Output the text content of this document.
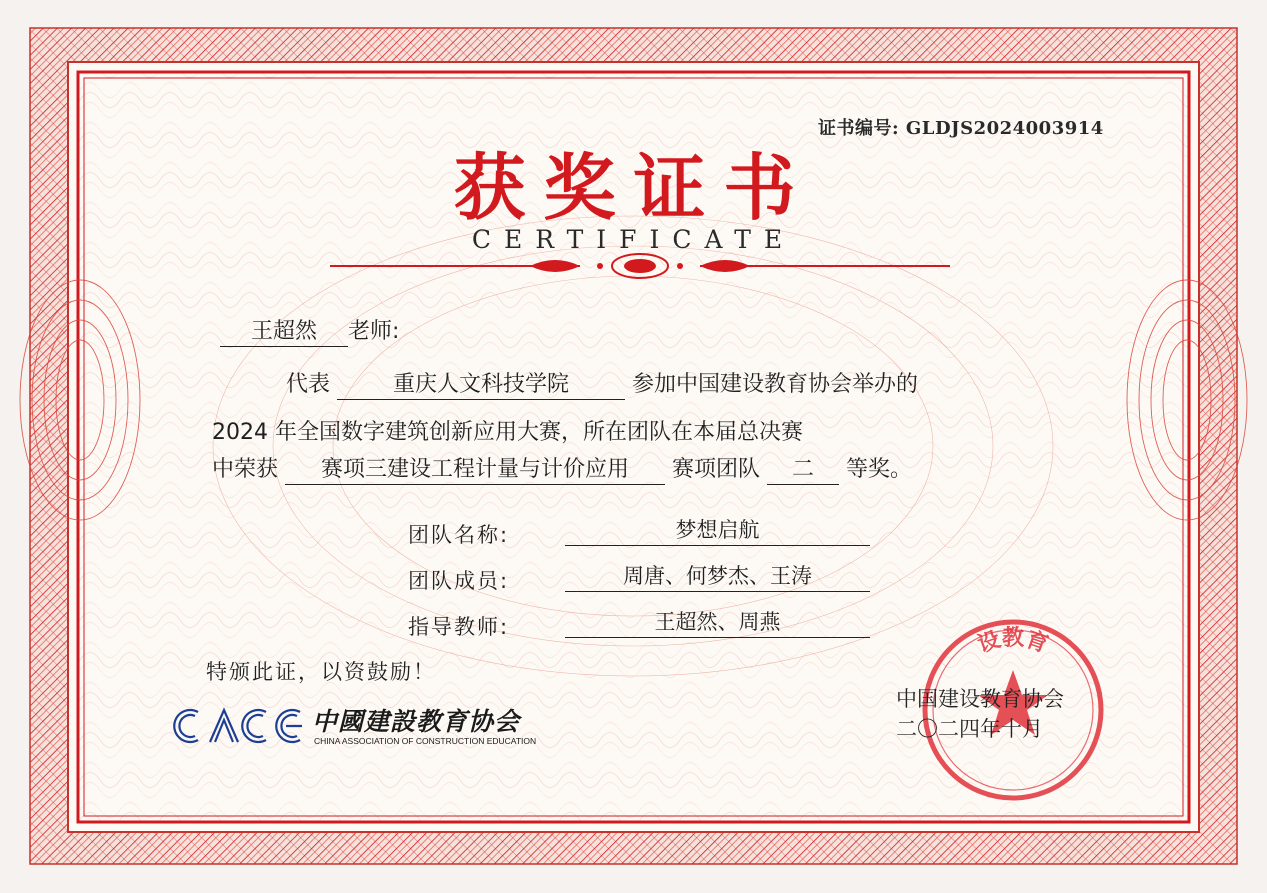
证书编号: GLDJS2024003914
获奖证书
CERTIFICATE
王超然 老师:
代表	重庆人文科技学院	参加中国建设教育协会举办的
2024 年全国数字建筑创新应用大赛，所在团队在本届总决赛
中荣获 赛项三建设工程计量与计价应用 赛项团队 二 等奖。
团队名称:	梦想启航
团队成员:	周唐、何梦杰、王涛
指导教师:	王超然、周燕
特颁此证，以资鼓励！
设教育
中国建设教育协会
二〇二四年十月
中國建設教育协会
CHINA ASSOCIATION OF CONSTRUCTION EDUCATION
